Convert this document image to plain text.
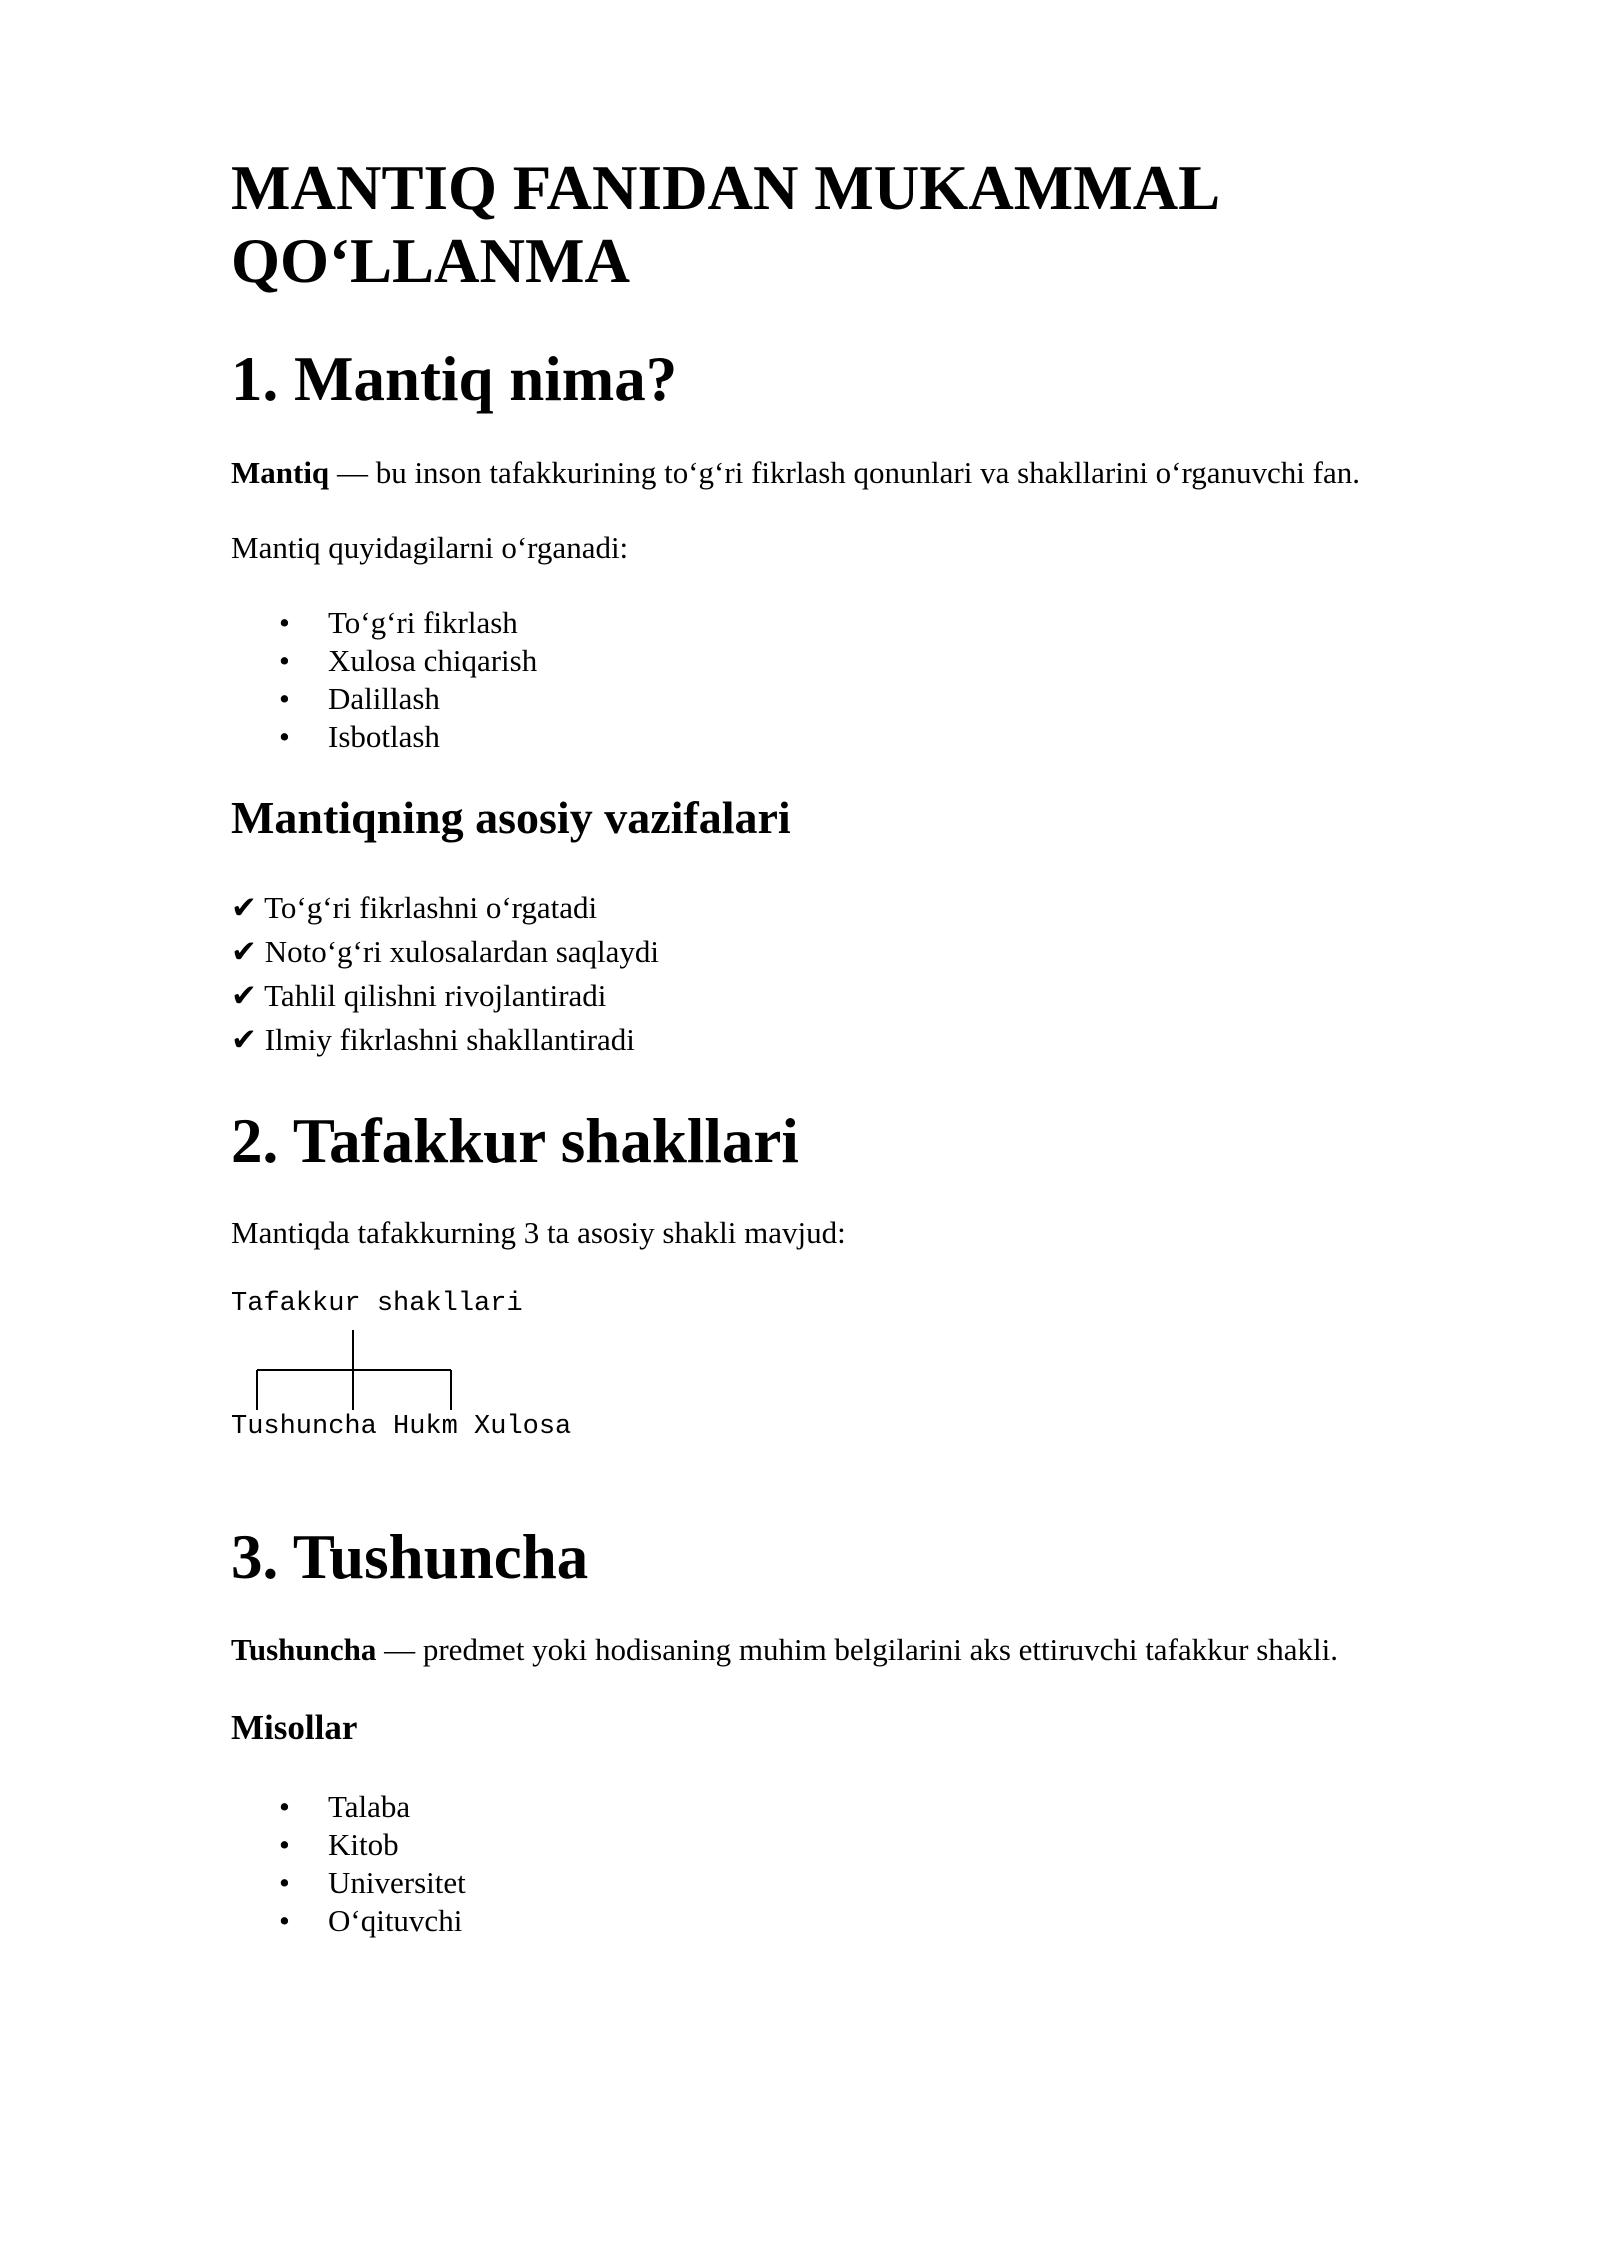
MANTIQ FANIDAN MUKAMMAL
QO‘LLANMA
1. Mantiq nima?

Mantiq — bu inson tafakkurining to‘g‘ri fikrlash qonunlari va shakllarini o‘rganuvchi fan.

Mantiq quyidagilarni o‘rganadi:

• To‘g‘ri fikrlash
• Xulosa chiqarish
• Dalillash
• Isbotlash
Mantiqning asosiy vazifalari
✔ To‘g‘ri fikrlashni o‘rgatadi
✔ Noto‘g‘ri xulosalardan saqlaydi
✔ Tahlil qilishni rivojlantiradi
✔ Ilmiy fikrlashni shakllantiradi
2. Tafakkur shakllari

Mantiqda tafakkurning 3 ta asosiy shakli mavjud:

Tafakkur shakllari
Tushuncha Hukm Xulosa
3. Tushuncha

Tushuncha — predmet yoki hodisaning muhim belgilarini aks ettiruvchi tafakkur shakli.

Misollar
• Talaba
• Kitob
• Universitet
• O‘qituvchi
